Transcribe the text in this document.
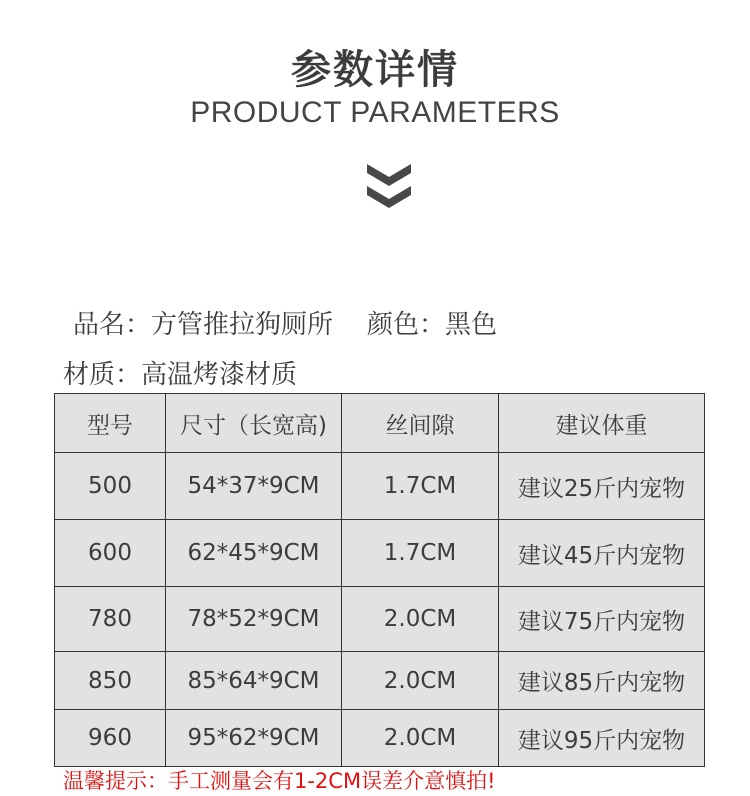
参数详情
PRODUCT PARAMETERS
品名：方管推拉狗厕所 颜色：黑色
材质：高温烤漆材质
型号	尺寸（长宽高)	丝间隙	建议体重
500	54*37*9CM	1.7CM	建议25斤内宠物
600	62*45*9CM	1.7CM	建议45斤内宠物
780	78*52*9CM	2.0CM	建议75斤内宠物
850	85*64*9CM	2.0CM	建议85斤内宠物
960	95*62*9CM	2.0CM	建议95斤内宠物
温馨提示：手工测量会有1-2CM误差介意慎拍!
